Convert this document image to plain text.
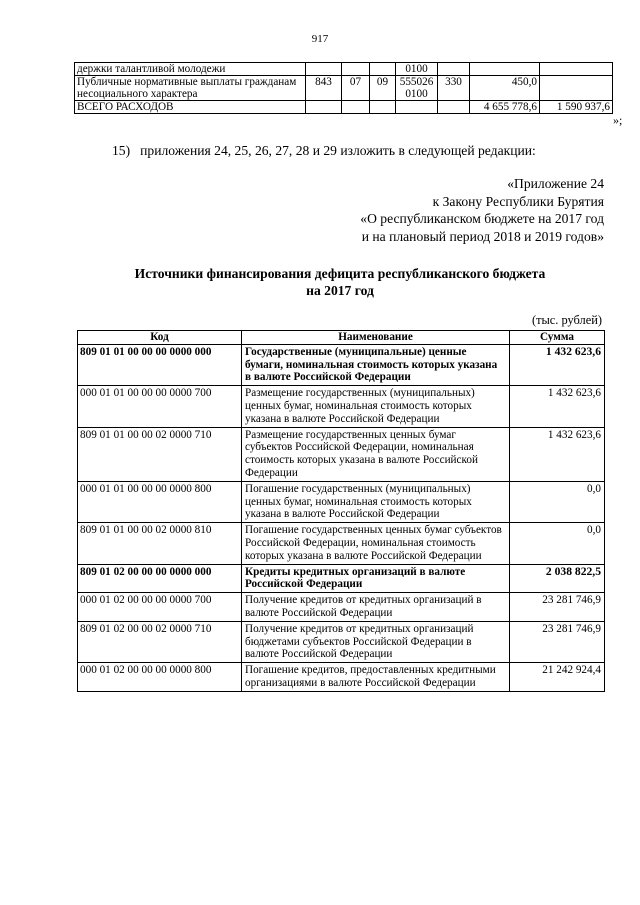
917
держки талантливой молодежи				0100			
Публичные нормативные выплаты гражданам несоциального характера	843	07	09	555026 0100	330	450,0	
ВСЕГО РАСХОДОВ						4 655 778,6	1 590 937,6
»;
15) приложения 24, 25, 26, 27, 28 и 29 изложить в следующей редакции:
«Приложение 24
к Закону Республики Бурятия
«О республиканском бюджете на 2017 год
и на плановый период 2018 и 2019 годов»
Источники финансирования дефицита республиканского бюджета
на 2017 год
(тыс. рублей)
Код	Наименование	Сумма
809 01 01 00 00 00 0000 000	Государственные (муниципальные) ценные бумаги, номинальная стоимость которых указана в валюте Российской Федерации	1 432 623,6
000 01 01 00 00 00 0000 700	Размещение государственных (муниципальных) ценных бумаг, номинальная стоимость которых указана в валюте Российской Федерации	1 432 623,6
809 01 01 00 00 02 0000 710	Размещение государственных ценных бумаг субъектов Российской Федерации, номинальная стоимость которых указана в валюте Российской Федерации	1 432 623,6
000 01 01 00 00 00 0000 800	Погашение государственных (муниципальных) ценных бумаг, номинальная стоимость которых указана в валюте Российской Федерации	0,0
809 01 01 00 00 02 0000 810	Погашение государственных ценных бумаг субъектов Российской Федерации, номинальная стоимость которых указана в валюте Российской Федерации	0,0
809 01 02 00 00 00 0000 000	Кредиты кредитных организаций в валюте Российской Федерации	2 038 822,5
000 01 02 00 00 00 0000 700	Получение кредитов от кредитных организаций в валюте Российской Федерации	23 281 746,9
809 01 02 00 00 02 0000 710	Получение кредитов от кредитных организаций бюджетами субъектов Российской Федерации в валюте Российской Федерации	23 281 746,9
000 01 02 00 00 00 0000 800	Погашение кредитов, предоставленных кредитными организациями в валюте Российской Федерации	21 242 924,4
